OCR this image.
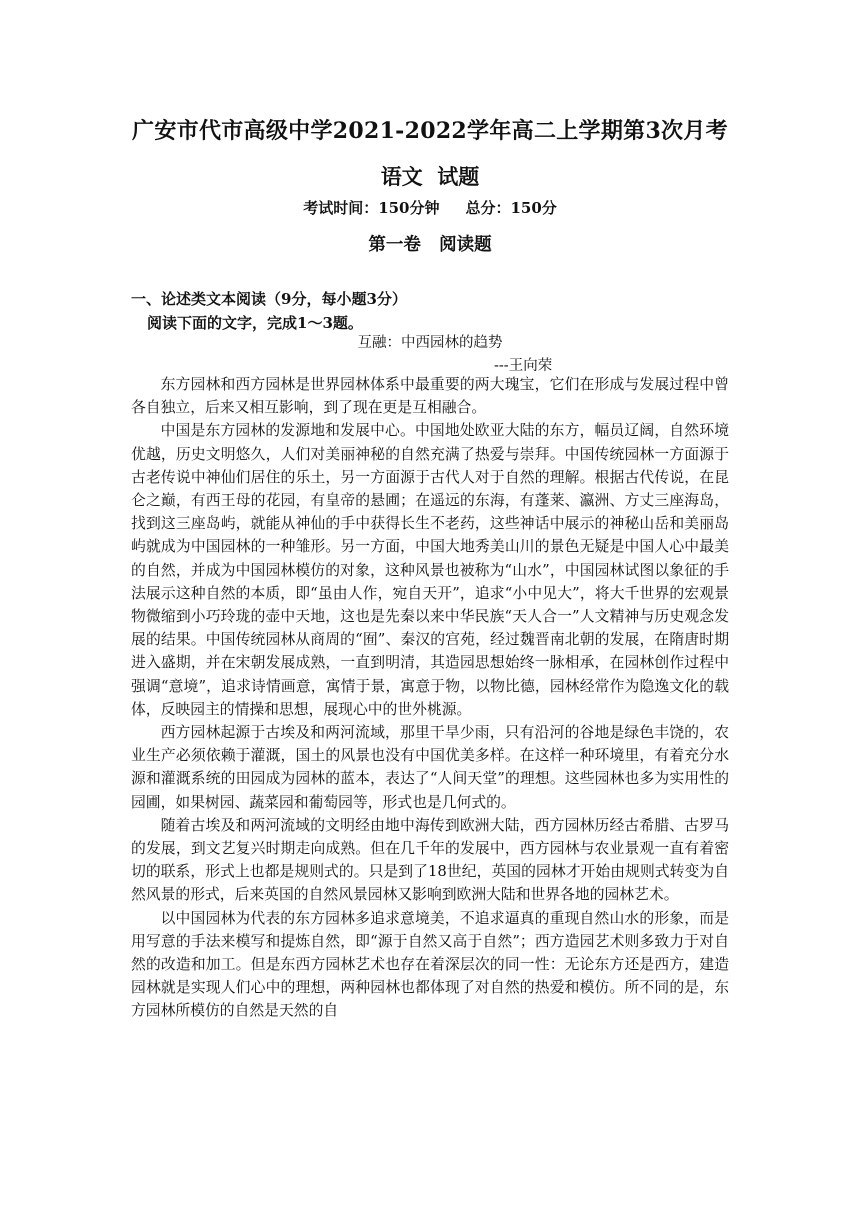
广安市代市高级中学2021-2022学年高二上学期第3次月考
语文  试题
考试时间：150分钟 总分：150分
第一卷   阅读题
一、论述类文本阅读（9分，每小题3分）
阅读下面的文字，完成1～3题。
互融：中西园林的趋势
---王向荣

东方园林和西方园林是世界园林体系中最重要的两大瑰宝，它们在形成与发展过程中曾各自独立，后来又相互影响，到了现在更是互相融合。

中国是东方园林的发源地和发展中心。中国地处欧亚大陆的东方，幅员辽阔，自然环境优越，历史文明悠久，人们对美丽神秘的自然充满了热爱与崇拜。中国传统园林一方面源于古老传说中神仙们居住的乐土，另一方面源于古代人对于自然的理解。根据古代传说，在昆仑之巅，有西王母的花园，有皇帝的悬圃；在遥远的东海，有蓬莱、瀛洲、方丈三座海岛，找到这三座岛屿，就能从神仙的手中获得长生不老药，这些神话中展示的神秘山岳和美丽岛屿就成为中国园林的一种雏形。另一方面，中国大地秀美山川的景色无疑是中国人心中最美的自然，并成为中国园林模仿的对象，这种风景也被称为“山水”，中国园林试图以象征的手法展示这种自然的本质，即“虽由人作，宛自天开”，追求“小中见大”，将大千世界的宏观景物微缩到小巧玲珑的壶中天地，这也是先秦以来中华民族“天人合一”人文精神与历史观念发展的结果。中国传统园林从商周的“囿”、秦汉的宫苑，经过魏晋南北朝的发展，在隋唐时期进入盛期，并在宋朝发展成熟，一直到明清，其造园思想始终一脉相承，在园林创作过程中强调“意境”，追求诗情画意，寓情于景，寓意于物，以物比德，园林经常作为隐逸文化的载体，反映园主的情操和思想，展现心中的世外桃源。

西方园林起源于古埃及和两河流域，那里干旱少雨，只有沿河的谷地是绿色丰饶的，农业生产必须依赖于灌溉，国土的风景也没有中国优美多样。在这样一种环境里，有着充分水源和灌溉系统的田园成为园林的蓝本，表达了“人间天堂”的理想。这些园林也多为实用性的园圃，如果树园、蔬菜园和葡萄园等，形式也是几何式的。

随着古埃及和两河流域的文明经由地中海传到欧洲大陆，西方园林历经古希腊、古罗马的发展，到文艺复兴时期走向成熟。但在几千年的发展中，西方园林与农业景观一直有着密切的联系，形式上也都是规则式的。只是到了18世纪，英国的园林才开始由规则式转变为自然风景的形式，后来英国的自然风景园林又影响到欧洲大陆和世界各地的园林艺术。

以中国园林为代表的东方园林多追求意境美，不追求逼真的重现自然山水的形象，而是用写意的手法来模写和提炼自然，即“源于自然又高于自然”；西方造园艺术则多致力于对自然的改造和加工。但是东西方园林艺术也存在着深层次的同一性：无论东方还是西方，建造园林就是实现人们心中的理想，两种园林也都体现了对自然的热爱和模仿。所不同的是，东方园林所模仿的自然是天然的自
